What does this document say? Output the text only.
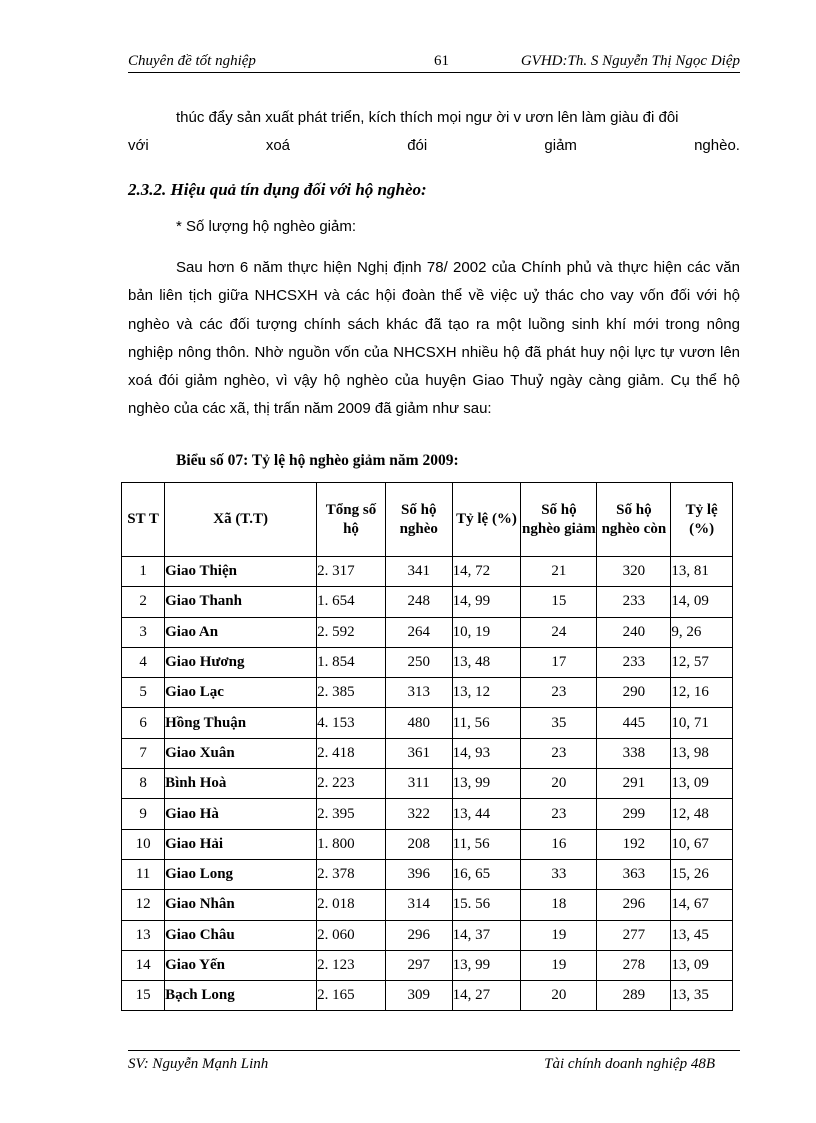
Chuyên đề tốt nghiệp	61	GVHD:Th. S Nguyễn Thị Ngọc Diệp
thúc đẩy sản xuất phát triển, kích thích mọi ngư ời v ươn lên làm giàu đi đôi
với	xoá	đói	giảm	nghèo.
2.3.2. Hiệu quả tín dụng đối với hộ nghèo:
* Số lượng hộ nghèo giảm:
Sau hơn 6 năm thực hiện Nghị định 78/ 2002 của Chính phủ và thực hiện các văn bản liên tịch giữa NHCSXH và các hội đoàn thể về việc uỷ thác cho vay vốn đối với hộ nghèo và các đối tượng chính sách khác đã tạo ra một luồng sinh khí mới trong nông nghiệp nông thôn. Nhờ nguồn vốn của NHCSXH nhiều hộ đã phát huy nội lực tự vươn lên xoá đói giảm nghèo, vì vậy hộ nghèo của huyện Giao Thuỷ ngày càng giảm. Cụ thể hộ nghèo của các xã, thị trấn năm 2009 đã giảm như sau:
Biểu số 07: Tỷ lệ hộ nghèo giảm năm 2009:
ST T	Xã (T.T)	Tổng số hộ	Số hộ nghèo	Tỷ lệ (%)	Số hộ nghèo giảm	Số hộ nghèo còn	Tỷ lệ (%)
1	Giao Thiện	2. 317	341	14, 72	21	320	13, 81
2	Giao Thanh	1. 654	248	14, 99	15	233	14, 09
3	Giao An	2. 592	264	10, 19	24	240	9, 26
4	Giao Hương	1. 854	250	13, 48	17	233	12, 57
5	Giao Lạc	2. 385	313	13, 12	23	290	12, 16
6	Hồng Thuận	4. 153	480	11, 56	35	445	10, 71
7	Giao Xuân	2. 418	361	14, 93	23	338	13, 98
8	Bình Hoà	2. 223	311	13, 99	20	291	13, 09
9	Giao Hà	2. 395	322	13, 44	23	299	12, 48
10	Giao Hải	1. 800	208	11, 56	16	192	10, 67
11	Giao Long	2. 378	396	16, 65	33	363	15, 26
12	Giao Nhân	2. 018	314	15. 56	18	296	14, 67
13	Giao Châu	2. 060	296	14, 37	19	277	13, 45
14	Giao Yến	2. 123	297	13, 99	19	278	13, 09
15	Bạch Long	2. 165	309	14, 27	20	289	13, 35
SV: Nguyễn Mạnh Linh	Tài chính doanh nghiệp 48B
